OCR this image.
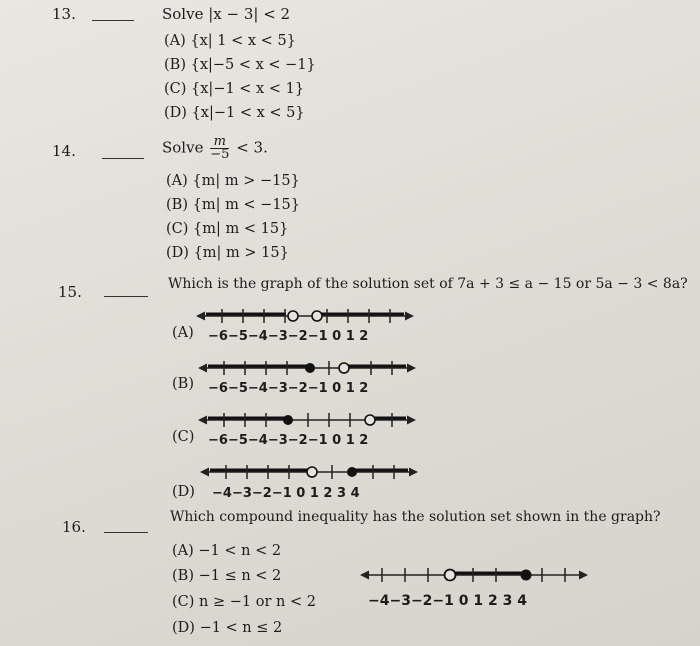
13.	Solve |x − 3| < 2
(A) {x| 1 < x < 5}
(B) {x|−5 < x < −1}
(C) {x|−1 < x < 1}
(D) {x|−1 < x < 5}
14.	Solve $\frac{m}{-5} < 3$.
(A) {m| m > −15}
(B) {m| m < −15}
(C) {m| m < 15}
(D) {m| m > 15}
15.	Which is the graph of the solution set of 7a + 3 ≤ a − 15 or 5a − 3 < 8a?
(A) −6−5−4−3−2−1 0 1 2
(B) −6−5−4−3−2−1 0 1 2
(C) −6−5−4−3−2−1 0 1 2
(D) −4−3−2−1 0 1 2 3 4
16.
Which compound inequality has the solution set shown in the graph?
(A) −1 < n < 2
(B) −1 ≤ n < 2
(C) n ≥ −1 or n < 2
(D) −1 < n ≤ 2
−4−3−2−1 0 1 2 3 4
